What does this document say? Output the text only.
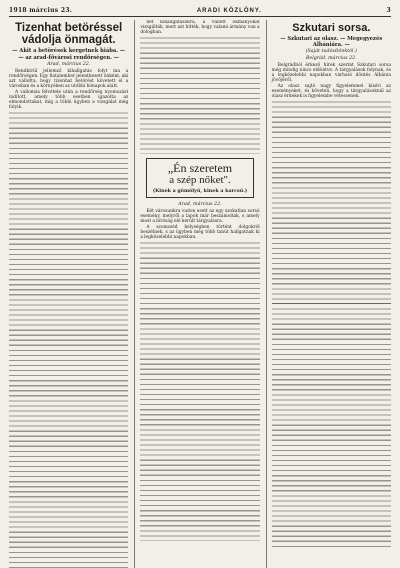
1918 március 23.	ARADI KÖZLÖNY.	3
Tizenhat betöréssel vádolja önmagát.
— Akit a betörések kergetnek hiába. —
— az arad-fővárosi rendőrségen. —
Arad, március 22.

Rendkívül jellemző kihallgatás folyt ma a rendőrségen. Egy fiatalember jelentkezett önként, aki azt vallotta, hogy tizenhat betörést követett el a városban és a környéken az utóbbi hónapok alatt.

A vallomás felvétele után a rendőrség nyomozást indított, amely több esetben igazolta az elmondottakat, míg a többi ügyben a vizsgálat még folyik.

hét kihallgatásokra, a vallott okmányokat vizsgálták, mert azt hitték, hogy valami ármány van a dologban.

„Én szeretem
a szép nőket".
(Kinek a gömölyü, kinek a karcsú.)
Arad, március 22.

Két városunkra vadon esett az egy szokatlan sorsú esemény, melyről a lapok már beszámoltak, s amely most a bíróság elé került tárgyalásra.

A szomszéd helységben történt dolgokról beszélnek, s az ügyben még több tanút hallgatnak ki a legközelebbi napokban.

Szkutari sorsa.
— Szkutari az olasz. — Megegyezés Albániára. —
(Saját tudósítónktól.)
Belgrád, március 22.

Belgrádból érkező hírek szerint Szkutari sorsa még mindig nincs eldöntve. A tárgyalások folynak, és a legközelebbi napokban várható döntés Albánia jövőjéről.

Az olasz sajtó nagy figyelemmel kíséri az eseményeket, és követeli, hogy a tárgyalásoknál az olasz érdekek is figyelembe vétessenek.
